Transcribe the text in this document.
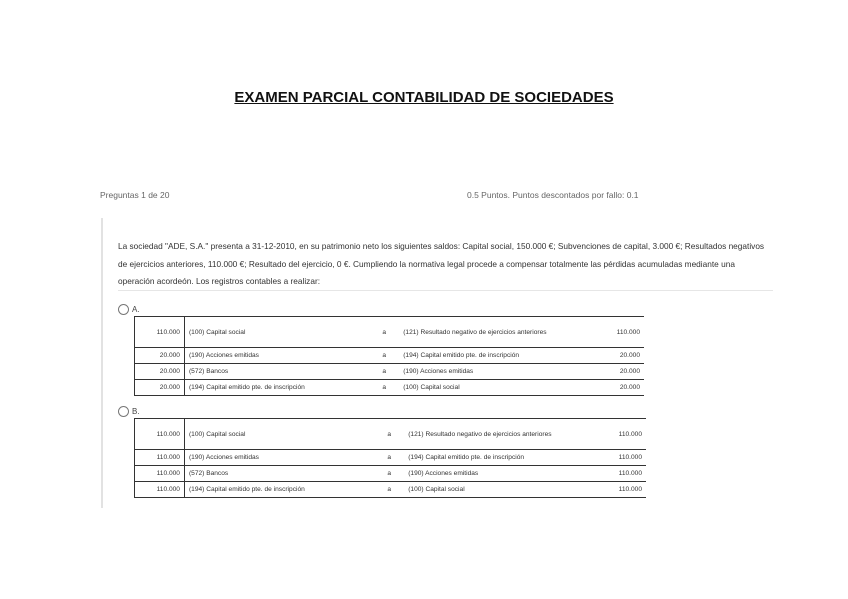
EXAMEN PARCIAL CONTABILIDAD DE SOCIEDADES
Preguntas 1 de 20	0.5 Puntos. Puntos descontados por fallo: 0.1
La sociedad "ADE, S.A." presenta a 31-12-2010, en su patrimonio neto los siguientes saldos: Capital social, 150.000 €; Subvenciones de capital, 3.000 €; Resultados negativos de ejercicios anteriores, 110.000 €; Resultado del ejercicio, 0 €. Cumpliendo la normativa legal procede a compensar totalmente las pérdidas acumuladas mediante una operación acordeón. Los registros contables a realizar:
A.
110.000	(100) Capital social	a	(121) Resultado negativo de ejercicios anteriores	110.000
20.000	(190) Acciones emitidas	a	(194) Capital emitido pte. de inscripción	20.000
20.000	(572) Bancos	a	(190) Acciones emitidas	20.000
20.000	(194) Capital emitido pte. de inscripción	a	(100) Capital social	20.000
B.
110.000	(100) Capital social	a	(121) Resultado negativo de ejercicios anteriores	110.000
110.000	(190) Acciones emitidas	a	(194) Capital emitido pte. de inscripción	110.000
110.000	(572) Bancos	a	(190) Acciones emitidas	110.000
110.000	(194) Capital emitido pte. de inscripción	a	(100) Capital social	110.000
